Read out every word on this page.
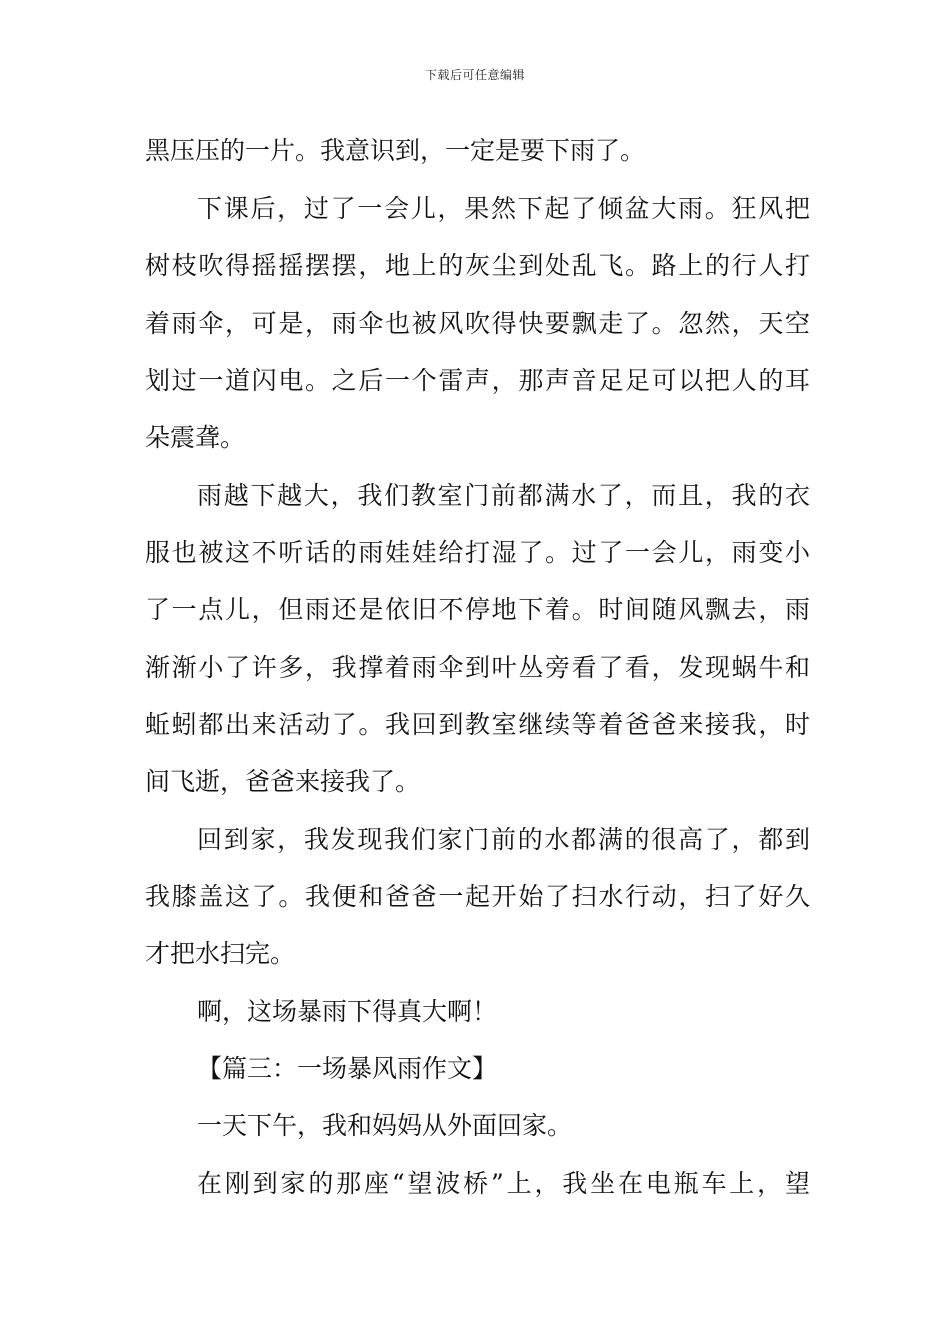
下载后可任意编辑
黑压压的一片。我意识到，一定是要下雨了。
下课后，过了一会儿，果然下起了倾盆大雨。狂风把
树枝吹得摇摇摆摆，地上的灰尘到处乱飞。路上的行人打
着雨伞，可是，雨伞也被风吹得快要飘走了。忽然，天空
划过一道闪电。之后一个雷声，那声音足足可以把人的耳
朵震聋。
雨越下越大，我们教室门前都满水了，而且，我的衣
服也被这不听话的雨娃娃给打湿了。过了一会儿，雨变小
了一点儿，但雨还是依旧不停地下着。时间随风飘去，雨
渐渐小了许多，我撑着雨伞到叶丛旁看了看，发现蜗牛和
蚯蚓都出来活动了。我回到教室继续等着爸爸来接我，时
间飞逝，爸爸来接我了。
回到家，我发现我们家门前的水都满的很高了，都到
我膝盖这了。我便和爸爸一起开始了扫水行动，扫了好久
才把水扫完。
啊，这场暴雨下得真大啊！
【篇三：一场暴风雨作文】
一天下午，我和妈妈从外面回家。
在刚到家的那座“望波桥”上，我坐在电瓶车上，望
